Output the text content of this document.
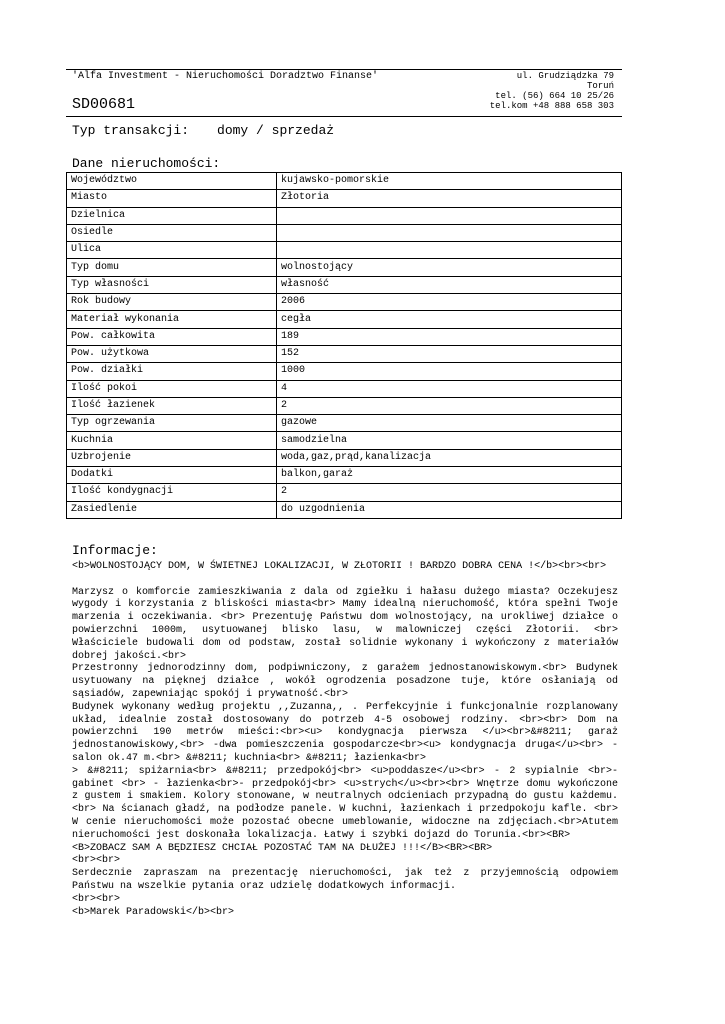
'Alfa Investment - Nieruchomości Doradztwo Finanse'
SD00681
ul. Grudziądzka 79
Toruń
tel. (56) 664 10 25/26
tel.kom +48 888 658 303
Typ transakcji: domy / sprzedaż
Dane nieruchomości:
Województwo	kujawsko-pomorskie
Miasto	Złotoria
Dzielnica	
Osiedle	
Ulica	
Typ domu	wolnostojący
Typ własności	własność
Rok budowy	2006
Materiał wykonania	cegła
Pow. całkowita	189
Pow. użytkowa	152
Pow. działki	1000
Ilość pokoi	4
Ilość łazienek	2
Typ ogrzewania	gazowe
Kuchnia	samodzielna
Uzbrojenie	woda,gaz,prąd,kanalizacja
Dodatki	balkon,garaż
Ilość kondygnacji	2
Zasiedlenie	do uzgodnienia
Informacje:

<b>WOLNOSTOJĄCY DOM, W ŚWIETNEJ LOKALIZACJI, W ZŁOTORII ! BARDZO DOBRA CENA !</b><br><br>

Marzysz o komforcie zamieszkiwania z dala od zgiełku i hałasu dużego miasta? Oczekujesz wygody i korzystania z bliskości miasta<br> Mamy idealną nieruchomość, która spełni Twoje marzenia i oczekiwania. <br> Prezentuję Państwu dom wolnostojący, na urokliwej działce o powierzchni 1000m, usytuowanej blisko lasu, w malowniczej części Złotorii. <br> Właściciele budowali dom od podstaw, został solidnie wykonany i wykończony z materiałów dobrej jakości.<br>

Przestronny jednorodzinny dom, podpiwniczony, z garażem jednostanowiskowym.<br> Budynek usytuowany na pięknej działce , wokół ogrodzenia posadzone tuje, które osłaniają od sąsiadów, zapewniając spokój i prywatność.<br>

Budynek wykonany według projektu ,,Zuzanna,, . Perfekcyjnie i funkcjonalnie rozplanowany układ, idealnie został dostosowany do potrzeb 4-5 osobowej rodziny. <br><br> Dom na powierzchni 190 metrów mieści:<br><u> kondygnacja pierwsza </u><br>&#8211; garaż jednostanowiskowy,<br> -dwa pomieszczenia gospodarcze<br><u> kondygnacja druga</u><br> - salon ok.47 m.<br> &#8211; kuchnia<br> &#8211; łazienka<br>

> &#8211; spiżarnia<br> &#8211; przedpokój<br> <u>poddasze</u><br> - 2 sypialnie <br>- gabinet <br> - łazienka<br>- przedpokój<br> <u>strych</u><br><br> Wnętrze domu wykończone z gustem i smakiem. Kolory stonowane, w neutralnych odcieniach przypadną do gustu każdemu. <br> Na ścianach gładź, na podłodze panele. W kuchni, łazienkach i przedpokoju kafle. <br> W cenie nieruchomości może pozostać obecne umeblowanie, widoczne na zdjęciach.<br>Atutem nieruchomości jest doskonała lokalizacja. Łatwy i szybki dojazd do Torunia.<br><BR>

<B>ZOBACZ SAM A BĘDZIESZ CHCIAŁ POZOSTAĆ TAM NA DŁUŻEJ !!!</B><BR><BR>

<br><br>

Serdecznie zapraszam na prezentację nieruchomości, jak też z przyjemnością odpowiem Państwu na wszelkie pytania oraz udzielę dodatkowych informacji.

<br><br>

<b>Marek Paradowski</b><br>
